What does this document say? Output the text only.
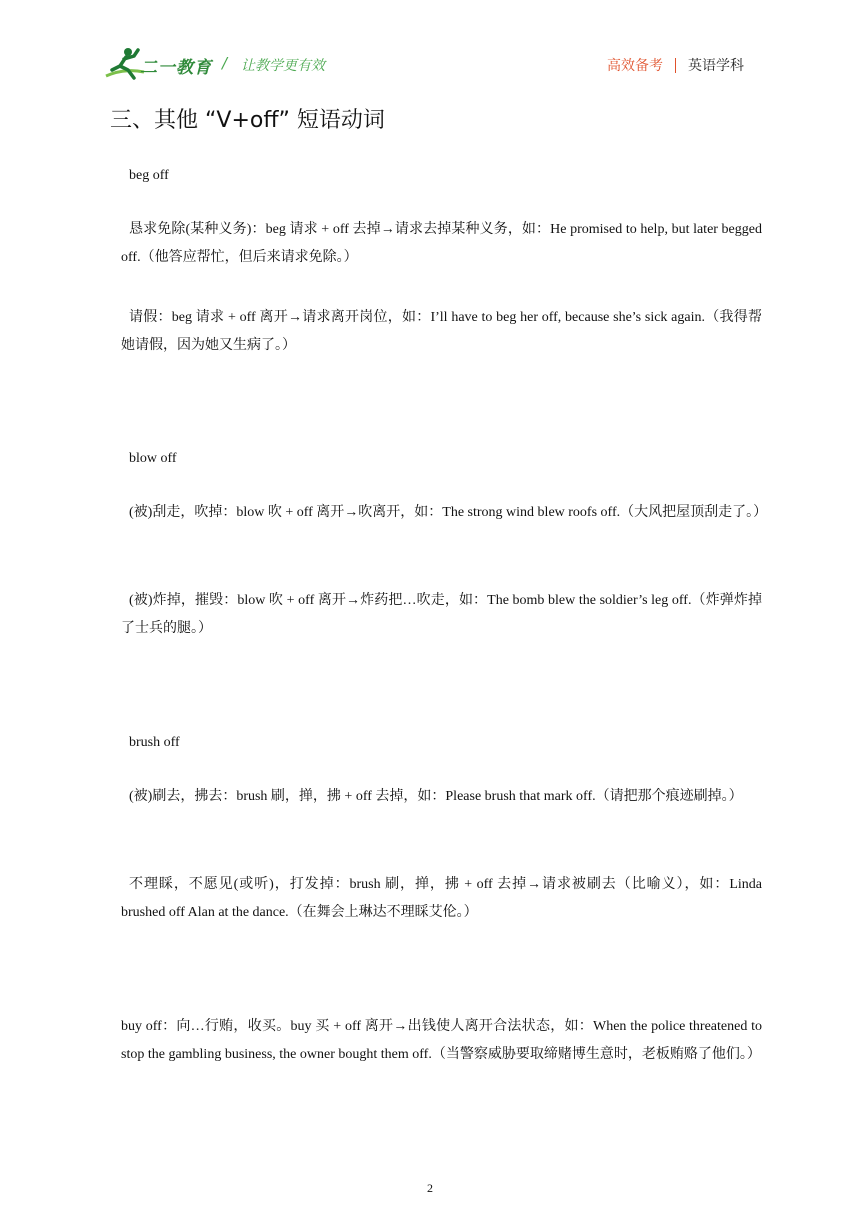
二一教育 / 让教学更有效	高效备考 英语学科
三、其他 “V+off” 短语动词

beg off

恳求免除(某种义务)：beg 请求 + off 去掉→请求去掉某种义务，如：He promised to help, but later begged off.（他答应帮忙，但后来请求免除。）

请假：beg 请求 + off 离开→请求离开岗位，如：I’ll have to beg her off, because she’s sick again.（我得帮她请假，因为她又生病了。）

blow off

(被)刮走，吹掉：blow 吹 + off 离开→吹离开，如：The strong wind blew roofs off.（大风把屋顶刮走了。）

(被)炸掉，摧毁：blow 吹 + off 离开→炸药把…吹走，如：The bomb blew the soldier’s leg off.（炸弹炸掉了士兵的腿。）

brush off

(被)刷去，拂去：brush 刷，掸，拂 + off 去掉，如：Please brush that mark off.（请把那个痕迹刷掉。）

不理睬，不愿见(或听)，打发掉：brush 刷，掸，拂 + off 去掉→请求被刷去（比喻义），如：Linda brushed off Alan at the dance.（在舞会上琳达不理睬艾伦。）

buy off：向…行贿，收买。buy 买 + off 离开→出钱使人离开合法状态，如：When the police threatened to stop the gambling business, the owner bought them off.（当警察威胁要取缔赌博生意时，老板贿赂了他们。）

2
